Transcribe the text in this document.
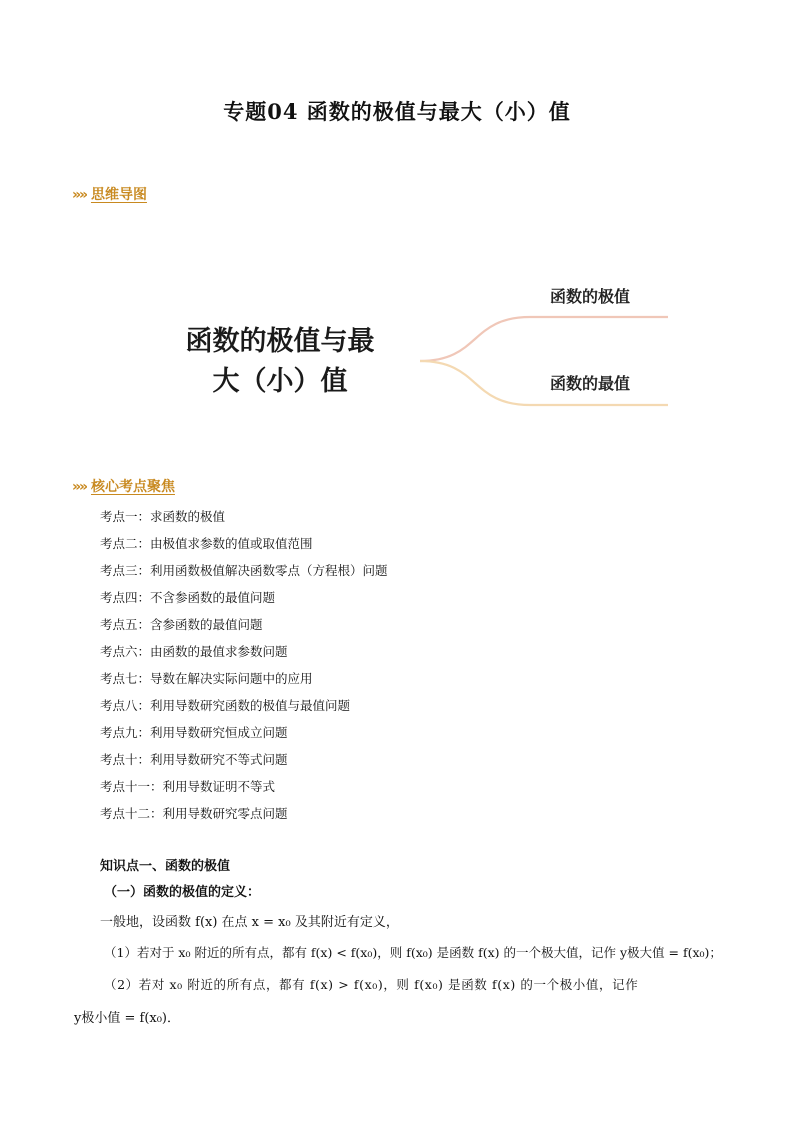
专题04 函数的极值与最大（小）值
»» 思维导图
函数的极值与最
大（小）值
函数的极值
函数的最值
»» 核心考点聚焦
考点一：求函数的极值
考点二：由极值求参数的值或取值范围
考点三：利用函数极值解决函数零点（方程根）问题
考点四：不含参函数的最值问题
考点五：含参函数的最值问题
考点六：由函数的最值求参数问题
考点七：导数在解决实际问题中的应用
考点八：利用导数研究函数的极值与最值问题
考点九：利用导数研究恒成立问题
考点十：利用导数研究不等式问题
考点十一：利用导数证明不等式
考点十二：利用导数研究零点问题
知识点一、函数的极值
（一）函数的极值的定义：
一般地，设函数 f(x) 在点 x = x₀ 及其附近有定义，
（1）若对于 x₀ 附近的所有点，都有 f(x) < f(x₀)，则 f(x₀) 是函数 f(x) 的一个极大值，记作 y极大值 = f(x₀)；
（2）若对 x₀ 附近的所有点，都有 f(x) > f(x₀)，则 f(x₀) 是函数 f(x) 的一个极小值，记作
y极小值 = f(x₀)．
